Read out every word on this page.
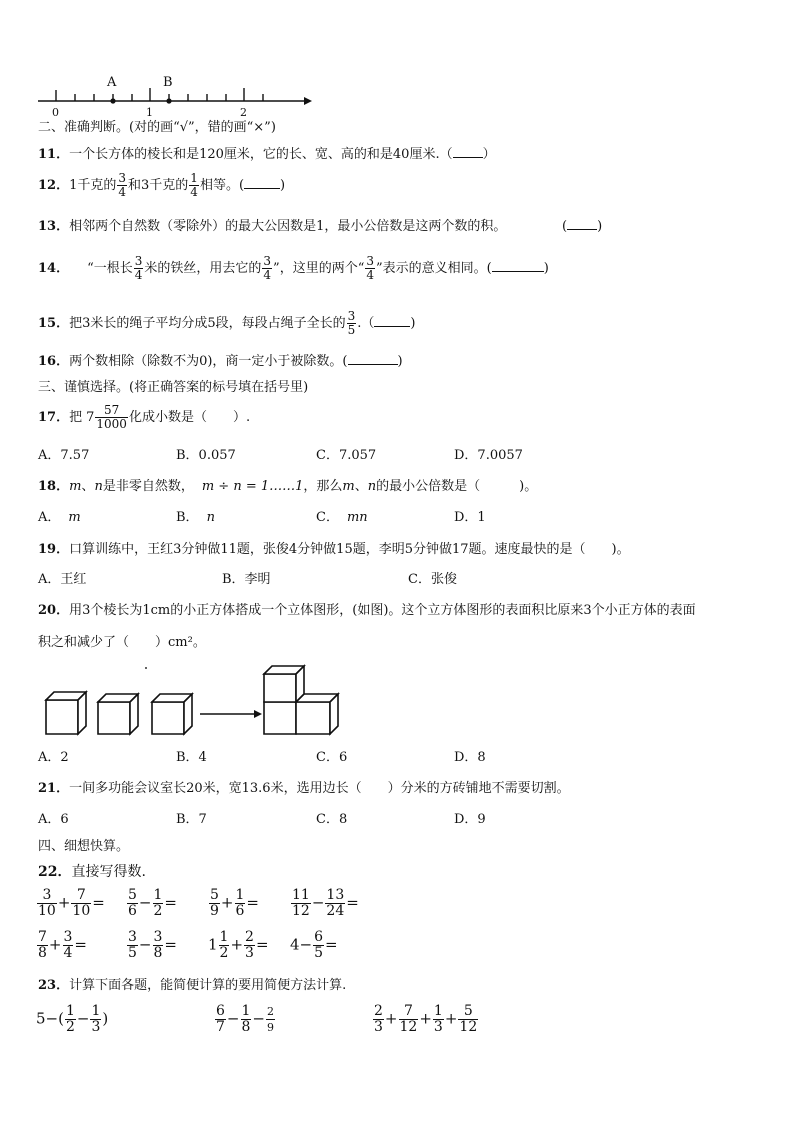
A	B
0	1	2
二、准确判断。(对的画“√”，错的画“×”)
11．一个长方体的棱长和是120厘米，它的长、宽、高的和是40厘米.（ ）
12．1千克的 $\frac{3}{4}$ 和3千克的 $\frac{1}{4}$ 相等。(	)
13．相邻两个自然数（零除外）的最大公因数是1，最小公倍数是这两个数的积。	( )
14． “一根长 $\frac{3}{4}$ 米的铁丝，用去它的 $\frac{3}{4}$ ”，这里的两个“ $\frac{3}{4}$ ”表示的意义相同。(	)
15．把3米长的绳子平均分成5段，每段占绳子全长的 $\frac{3}{5}$ .（	)
16．两个数相除（除数不为0)，商一定小于被除数。(	)
三、谨慎选择。(将正确答案的标号填在括号里)
17．把 $7 \frac{57}{1000}$ 化成小数是（　　）.
A．7.57	B．0.057	C．7.057	D．7.0057
18．m、n是非零自然数， m ÷ n = 1……1，那么m、n的最小公倍数是（　　　)。
A． m	B． n	C． mn	D．1
19．口算训练中，王红3分钟做11题，张俊4分钟做15题，李明5分钟做17题。速度最快的是（　　)。
A．王红	B．李明	C．张俊
20．用3个棱长为1cm的小正方体搭成一个立体图形，(如图)。这个立方体图形的表面积比原来3个小正方体的表面
积之和减少了（　　）cm²。
A．2	B．4	C．6	D．8
21．一间多功能会议室长20米，宽13.6米，选用边长（　　）分米的方砖铺地不需要切割。
A．6	B．7	C．8	D．9
四、细想快算。
22．直接写得数.
$\frac{3}{10} + \frac{7}{10} = \frac{5}{6} - \frac{1}{2} = \frac{5}{9} + \frac{1}{6} = \frac{11}{12} - \frac{13}{24}$ =
$\frac{7}{8} + \frac{3}{4}$ =	$\frac{3}{5} - \frac{3}{8} = 1 \frac{1}{2} + \frac{2}{3} = 4- \frac{6}{5}$ =
23．计算下面各题，能简便计算的要用简便方法计算.
$5-( \frac{1}{2} - \frac{1}{3}$ )	$\frac{6}{7} - \frac{1}{8} - \frac{2}{9}$	$\frac{2}{3} + \frac{7}{12} + \frac{1}{3} + \frac{5}{12}$
